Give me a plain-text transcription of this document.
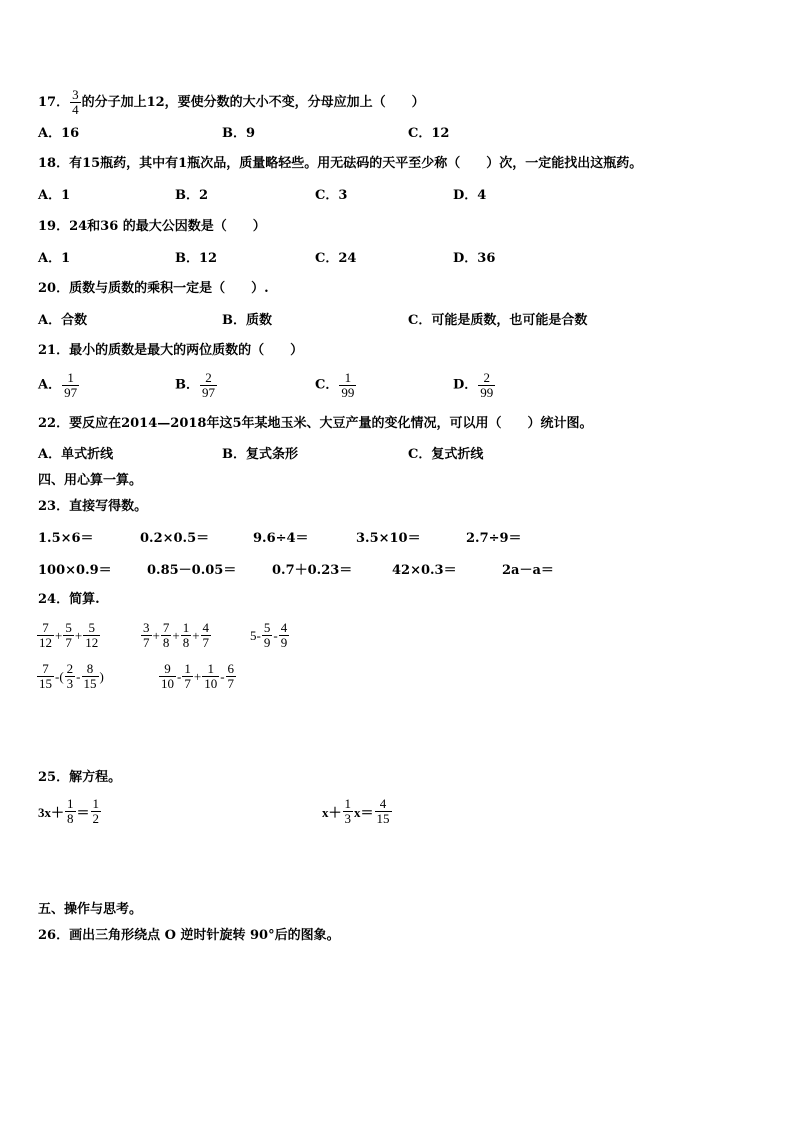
17． $\frac{3}{4}$ 的分子加上12，要使分数的大小不变，分母应加上（　　）
A．16	B．9	C．12
18．有15瓶药，其中有1瓶次品，质量略轻些。用无砝码的天平至少称（　　）次，一定能找出这瓶药。
A．1	B．2	C．3	D．4
19．24和36 的最大公因数是（　　）
A．1	B．12	C．24	D．36
20．质数与质数的乘积一定是（　　）.
A．合数	B．质数	C．可能是质数，也可能是合数
21．最小的质数是最大的两位质数的（　　）
A． $\frac{1}{97}$	B． $\frac{2}{97}$	C． $\frac{1}{99}$	D． $\frac{2}{99}$
22．要反应在2014—2018年这5年某地玉米、大豆产量的变化情况，可以用（　　）统计图。
A．单式折线	B．复式条形	C．复式折线
四、用心算一算。
23．直接写得数。
1.5×6＝	0.2×0.5＝	9.6÷4＝	3.5×10＝	2.7÷9＝
100×0.9＝	0.85－0.05＝	0.7＋0.23＝	42×0.3＝	2a－a＝
24．简算.
$\frac{7}{12} + \frac{5}{7} + \frac{5}{12}$	$\frac{3}{7} + \frac{7}{8} + \frac{1}{8} + \frac{4}{7}$	$5- \frac{5}{9} - \frac{4}{9}$
$\frac{7}{15}$ -( $\frac{2}{3} - \frac{8}{15}$ )	$\frac{9}{10} - \frac{1}{7} + \frac{1}{10} - \frac{6}{7}$
25．解方程。
$3x+ \frac{1}{8} = \frac{1}{2}$	$x+ \frac{1}{3} x= \frac{4}{15}$
五、操作与思考。
26．画出三角形绕点 O 逆时针旋转 90°后的图象。
